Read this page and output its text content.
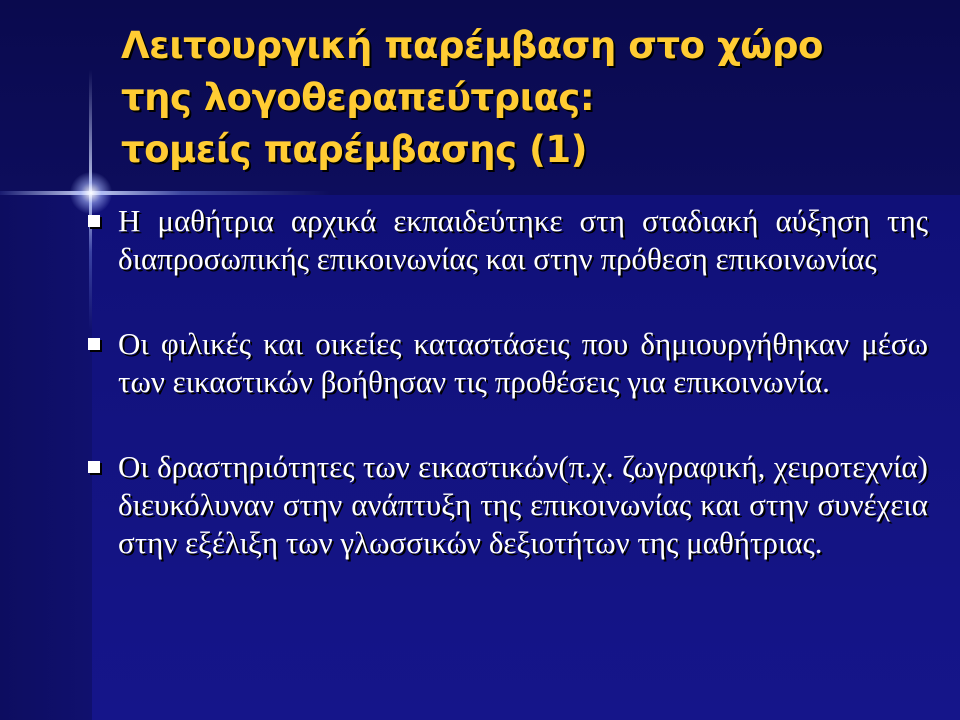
Λειτουργική παρέμβαση στο χώρο
της λογοθεραπεύτριας:
τομείς παρέμβασης (1)
Η μαθήτρια αρχικά εκπαιδεύτηκε στη σταδιακή αύξηση της διαπροσωπικής επικοινωνίας και στην πρόθεση επικοινωνίας
Οι φιλικές και οικείες καταστάσεις που δημιουργήθηκαν μέσω των εικαστικών βοήθησαν τις προθέσεις για επικοινωνία.
Οι δραστηριότητες των εικαστικών(π.χ. ζωγραφική, χειροτεχνία) διευκόλυναν στην ανάπτυξη της επικοινωνίας και στην συνέχεια στην εξέλιξη των γλωσσικών δεξιοτήτων της μαθήτριας.
